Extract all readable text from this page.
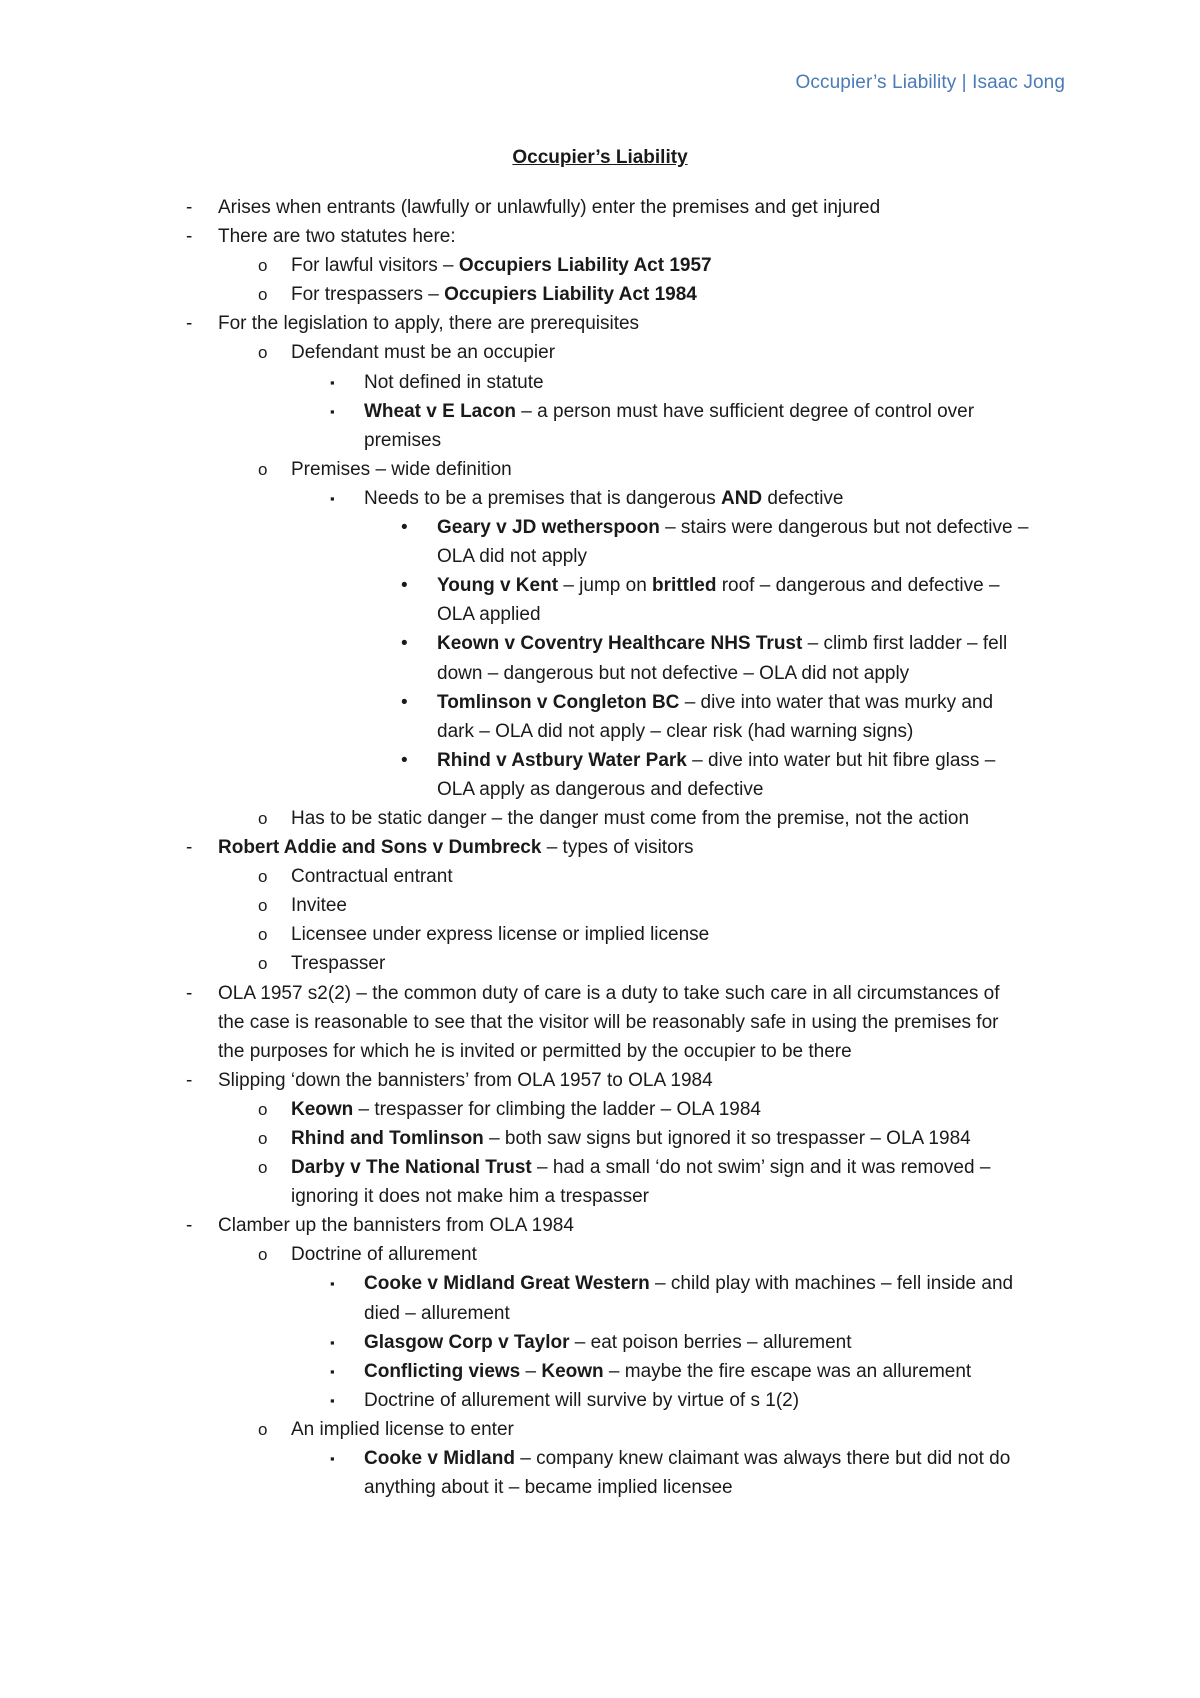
Occupier’s Liability | Isaac Jong
Occupier’s Liability
- Arises when entrants (lawfully or unlawfully) enter the premises and get injured
- There are two statutes here:
o For lawful visitors – Occupiers Liability Act 1957
o For trespassers – Occupiers Liability Act 1984
- For the legislation to apply, there are prerequisites
o Defendant must be an occupier
▪ Not defined in statute
▪ Wheat v E Lacon – a person must have sufficient degree of control over
premises
o Premises – wide definition
▪ Needs to be a premises that is dangerous AND defective
• Geary v JD wetherspoon – stairs were dangerous but not defective –
OLA did not apply
• Young v Kent – jump on brittled roof – dangerous and defective –
OLA applied
• Keown v Coventry Healthcare NHS Trust – climb first ladder – fell
down – dangerous but not defective – OLA did not apply
• Tomlinson v Congleton BC – dive into water that was murky and
dark – OLA did not apply – clear risk (had warning signs)
• Rhind v Astbury Water Park – dive into water but hit fibre glass –
OLA apply as dangerous and defective
o Has to be static danger – the danger must come from the premise, not the action
- Robert Addie and Sons v Dumbreck – types of visitors
o Contractual entrant
o Invitee
o Licensee under express license or implied license
o Trespasser
- OLA 1957 s2(2) – the common duty of care is a duty to take such care in all circumstances of
the case is reasonable to see that the visitor will be reasonably safe in using the premises for
the purposes for which he is invited or permitted by the occupier to be there
- Slipping ‘down the bannisters’ from OLA 1957 to OLA 1984
o Keown – trespasser for climbing the ladder – OLA 1984
o Rhind and Tomlinson – both saw signs but ignored it so trespasser – OLA 1984
o Darby v The National Trust – had a small ‘do not swim’ sign and it was removed –
ignoring it does not make him a trespasser
- Clamber up the bannisters from OLA 1984
o Doctrine of allurement
▪ Cooke v Midland Great Western – child play with machines – fell inside and
died – allurement
▪ Glasgow Corp v Taylor – eat poison berries – allurement
▪ Conflicting views – Keown – maybe the fire escape was an allurement
▪ Doctrine of allurement will survive by virtue of s 1(2)
o An implied license to enter
▪ Cooke v Midland – company knew claimant was always there but did not do
anything about it – became implied licensee
